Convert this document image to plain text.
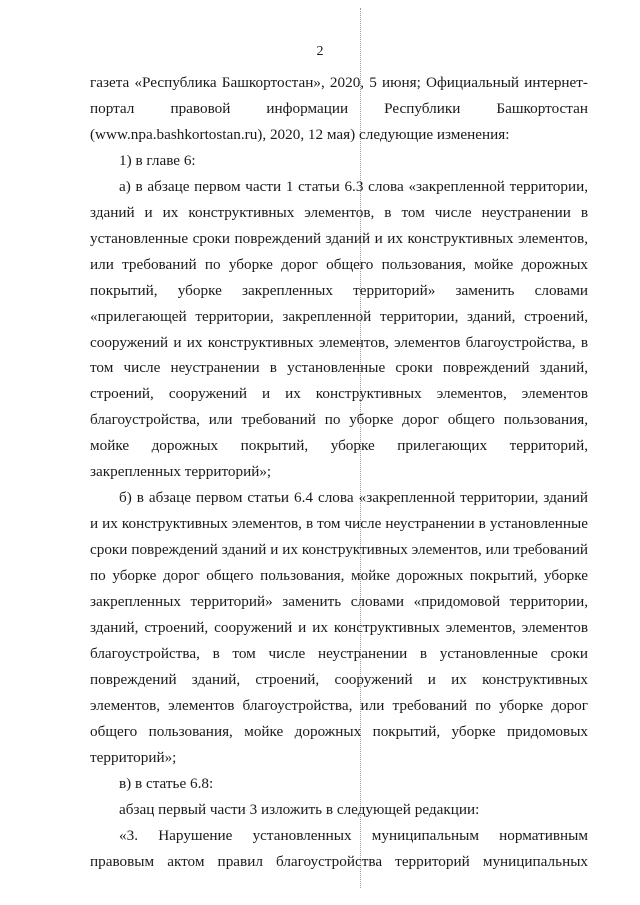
2

газета «Республика Башкортостан», 2020, 5 июня; Официальный интернет-портал правовой информации Республики Башкортостан (www.npa.bashkortostan.ru), 2020, 12 мая) следующие изменения:

1) в главе 6:

а) в абзаце первом части 1 статьи 6.3 слова «закрепленной территории, зданий и их конструктивных элементов, в том числе неустранении в установленные сроки повреждений зданий и их конструктивных элементов, или требований по уборке дорог общего пользования, мойке дорожных покрытий, уборке закрепленных территорий» заменить словами «прилегающей территории, закрепленной территории, зданий, строений, сооружений и их конструктивных элементов, элементов благоустройства, в том числе неустранении в установленные сроки повреждений зданий, строений, сооружений и их конструктивных элементов, элементов благоустройства, или требований по уборке дорог общего пользования, мойке дорожных покрытий, уборке прилегающих территорий, закрепленных территорий»;

б) в абзаце первом статьи 6.4 слова «закрепленной территории, зданий и их конструктивных элементов, в том числе неустранении в установленные сроки повреждений зданий и их конструктивных элементов, или требований по уборке дорог общего пользования, мойке дорожных покрытий, уборке закрепленных территорий» заменить словами «придомовой территории, зданий, строений, сооружений и их конструктивных элементов, элементов благоустройства, в том числе неустранении в установленные сроки повреждений зданий, строений, сооружений и их конструктивных элементов, элементов благоустройства, или требований по уборке дорог общего пользования, мойке дорожных покрытий, уборке придомовых территорий»;

в) в статье 6.8:

абзац первый части 3 изложить в следующей редакции:

«3. Нарушение установленных муниципальным нормативным правовым актом правил благоустройства территорий муниципальных
